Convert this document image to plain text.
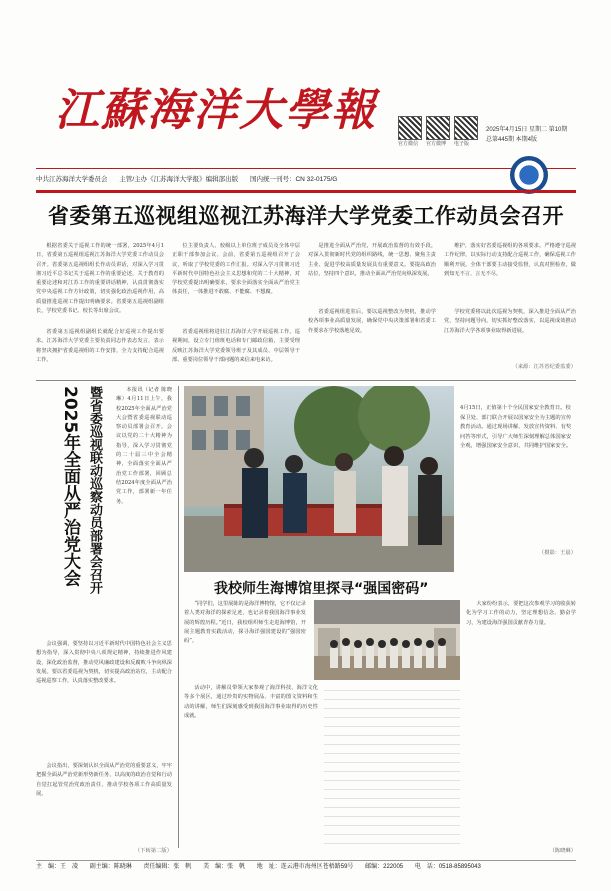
江蘇海洋大學報
官方微信	官方微博	电子版
2025年4月15日 星期二 第10期
总第445期 本期4版
中共江苏海洋大学委员会 主管/主办《江苏海洋大学报》编辑部出版 国内统一刊号：CN 32-0175/G
省委第五巡视组巡视江苏海洋大学党委工作动员会召开

根据省委关于巡视工作的统一部署，2025年4月1日，省委第五巡视组巡视江苏海洋大学党委工作动员会召开。省委第五巡视组组长作动员讲话，对深入学习贯彻习近平总书记关于巡视工作的重要论述，关于教育的重要论述和对江苏工作的重要讲话精神，认真贯彻落实党中央巡视工作方针政策，切实强化政治巡视作用，高质量推进巡视工作提出明确要求。省委第五巡视组副组长，学校党委书记、校长等出席会议。

省委第五巡视组副组长就配合好巡视工作提出要求。江苏海洋大学党委主要负责同志作表态发言，表示将坚决拥护省委巡视组的工作安排，全力支持配合巡视工作。

位主要负责人、校级以上单位班子成员及全体中层正职干部参加会议。会前，省委第五巡视组召开了会议，听取了学校党委的工作汇报。对深入学习贯彻习近平新时代中国特色社会主义思想和党的二十大精神，对学校党委提出明确要求，要求全面落实全面从严治党主体责任，一体推进不敢腐、不能腐、不想腐。

省委巡视组将进驻江苏海洋大学开展巡视工作。巡视期间，设立专门值班电话和专门邮政信箱，主要受理反映江苏海洋大学党委领导班子及其成员、中层领导干部、重要岗位领导干部问题的来信来电来访。

是推进全面从严治党，开展政治监督的有效手段。对深入贯彻新时代党的组织路线，统一思想、聚焦主责主业、促进学校高质量发展具有重要意义。要提高政治站位，坚持四个意识，推动全面从严治党向纵深发展。

省委巡视组进驻后，要以巡视整改为契机，推动学校各项事业高质量发展，确保党中央决策部署和省委工作要求在学校落地见效。

维护，落实好省委巡视组的各项要求。严格遵守巡视工作纪律，以实际行动支持配合巡视工作，确保巡视工作顺利开展。全体干部要主动接受监督，认真对照检查，做到知无不言、言无不尽。

学校党委将以此次巡视为契机，深入推进全面从严治党，坚持问题导向，切实抓好整改落实，以巡视成效推动江苏海洋大学各项事业取得新进展。

（来源：江苏省纪委监委）
暨省委巡视联动巡察动员部署会召开
2025年全面从严治党大会	本报讯（记者 陈晓琳）4月11日上午，我校2025年全面从严治党大会暨省委巡视联动巡察动员部署会召开。会议以党的二十大精神为指导，深入学习贯彻党的二十届三中全会精神，全面落实全面从严治党工作部署，回顾总结2024年度全面从严治党工作，部署新一年任务。

会议强调，要坚持以习近平新时代中国特色社会主义思想为指导，深入贯彻中央八项规定精神，持续推进作风建设，深化政治监督，推动党风廉政建设和反腐败斗争向纵深发展。要以省委巡视为契机，切实提高政治站位，主动配合巡视巡察工作，认真落实整改要求。

会议指出，要深刻认识全面从严治党的重要意义，牢牢把握全面从严治党新形势新任务，以高度的政治自觉和行动自觉扛起管党治党政治责任，推动学校各项工作高质量发展。

（下转第二版）
4月15日，正值第十个全民国家安全教育日。校保卫处、部门联合开展以国家安全为主题的宣传教育活动。通过现场讲解、发放宣传资料、有奖问答等形式，引导广大师生深刻理解总体国家安全观，增强国家安全意识，共同维护国家安全。
（摄影：王晨）
我校师生海博馆里探寻“强国密码”

“同学们，这里展陈的是海洋博物馆，它不仅记录着人类对海洋的探索足迹，也记录着我国海洋事业发展的辉煌历程。”近日，我校组织师生走进海博馆，开展主题教育实践活动，探寻海洋强国建设的“强国密码”。

大家纷纷表示，要把这次参观学习的收获转化为学习工作的动力，坚定理想信念，勤奋学习，为建设海洋强国贡献青春力量。

活动中，讲解员带领大家参观了海洋科技、海洋文化等多个展区，通过珍贵的实物展品、丰富的图文资料和生动的讲解，师生们深刻感受到我国海洋事业取得的历史性成就。

（陈晓琳）
主　编：王　凌 副主编：陈晓琳 责任编辑：张　帆 美　编：张　帆 地　址：连云港市海州区苍梧路59号 邮编：222005 电　话：0518-85895043
